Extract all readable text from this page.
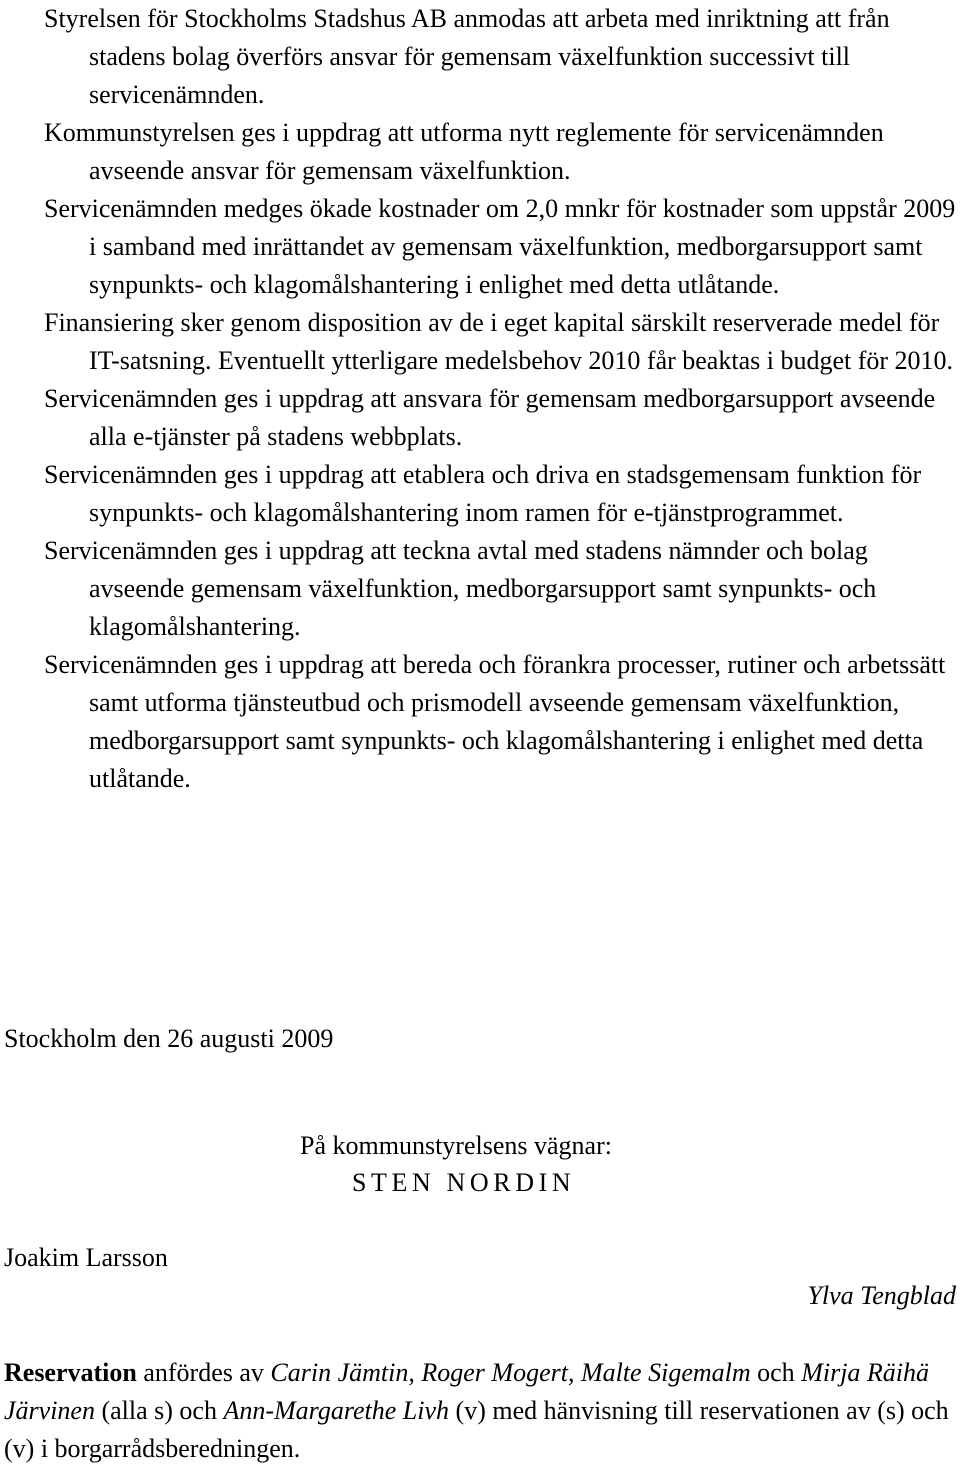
Styrelsen för Stockholms Stadshus AB anmodas att arbeta med inriktning att från stadens bolag överförs ansvar för gemensam växelfunktion successivt till servicenämnden.
Kommunstyrelsen ges i uppdrag att utforma nytt reglemente för servicenämnden avseende ansvar för gemensam växelfunktion.
Servicenämnden medges ökade kostnader om 2,0 mnkr för kostnader som uppstår 2009 i samband med inrättandet av gemensam växelfunktion, medborgarsupport samt synpunkts- och klagomålshantering i enlighet med detta utlåtande.
Finansiering sker genom disposition av de i eget kapital särskilt reserverade medel för IT-satsning. Eventuellt ytterligare medelsbehov 2010 får beaktas i budget för 2010.
Servicenämnden ges i uppdrag att ansvara för gemensam medborgarsupport avseende alla e-tjänster på stadens webbplats.
Servicenämnden ges i uppdrag att etablera och driva en stadsgemensam funktion för synpunkts- och klagomålshantering inom ramen för e-tjänstprogrammet.
Servicenämnden ges i uppdrag att teckna avtal med stadens nämnder och bolag avseende gemensam växelfunktion, medborgarsupport samt synpunkts- och klagomålshantering.
Servicenämnden ges i uppdrag att bereda och förankra processer, rutiner och arbetssätt samt utforma tjänsteutbud och prismodell avseende gemensam växelfunktion, medborgarsupport samt synpunkts- och klagomålshantering i enlighet med detta utlåtande.

Stockholm den 26 augusti 2009

På kommunstyrelsens vägnar:

STEN NORDIN

Joakim Larsson

Ylva Tengblad

Reservation anfördes av Carin Jämtin, Roger Mogert, Malte Sigemalm och Mirja Räihä Järvinen (alla s) och Ann-Margarethe Livh (v) med hänvisning till reservationen av (s) och (v) i borgarrådsberedningen.
